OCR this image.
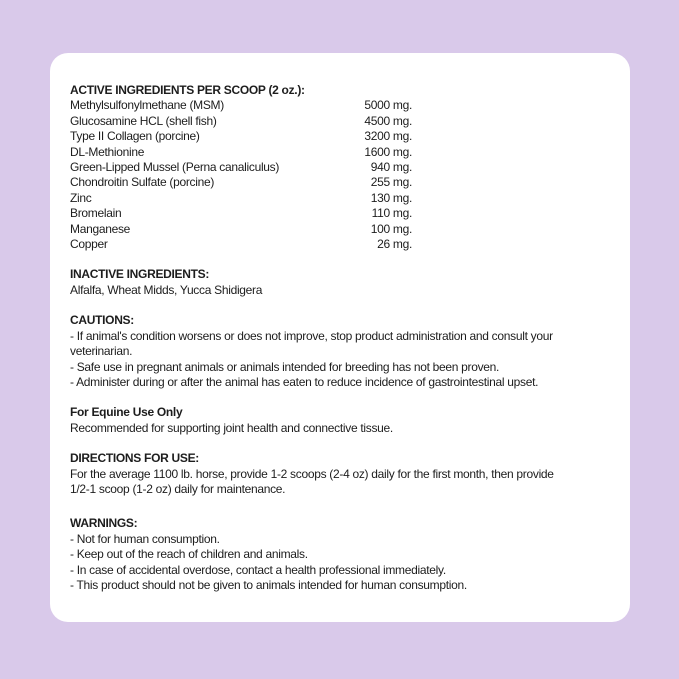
ACTIVE INGREDIENTS PER SCOOP (2 oz.):
Methylsulfonylmethane (MSM)	5000 mg.
Glucosamine HCL (shell fish)	4500 mg.
Type II Collagen (porcine)	3200 mg.
DL-Methionine	1600 mg.
Green-Lipped Mussel (Perna canaliculus)	940 mg.
Chondroitin Sulfate (porcine)	255 mg.
Zinc	130 mg.
Bromelain	110 mg.
Manganese	100 mg.
Copper	26 mg.
INACTIVE INGREDIENTS:
Alfalfa, Wheat Midds, Yucca Shidigera
CAUTIONS:
- If animal's condition worsens or does not improve, stop product administration and consult your
veterinarian.
- Safe use in pregnant animals or animals intended for breeding has not been proven.
- Administer during or after the animal has eaten to reduce incidence of gastrointestinal upset.
For Equine Use Only
Recommended for supporting joint health and connective tissue.
DIRECTIONS FOR USE:
For the average 1100 lb. horse, provide 1-2 scoops (2-4 oz) daily for the first month, then provide
1/2-1 scoop (1-2 oz) daily for maintenance.
WARNINGS:
- Not for human consumption.
- Keep out of the reach of children and animals.
- In case of accidental overdose, contact a health professional immediately.
- This product should not be given to animals intended for human consumption.
